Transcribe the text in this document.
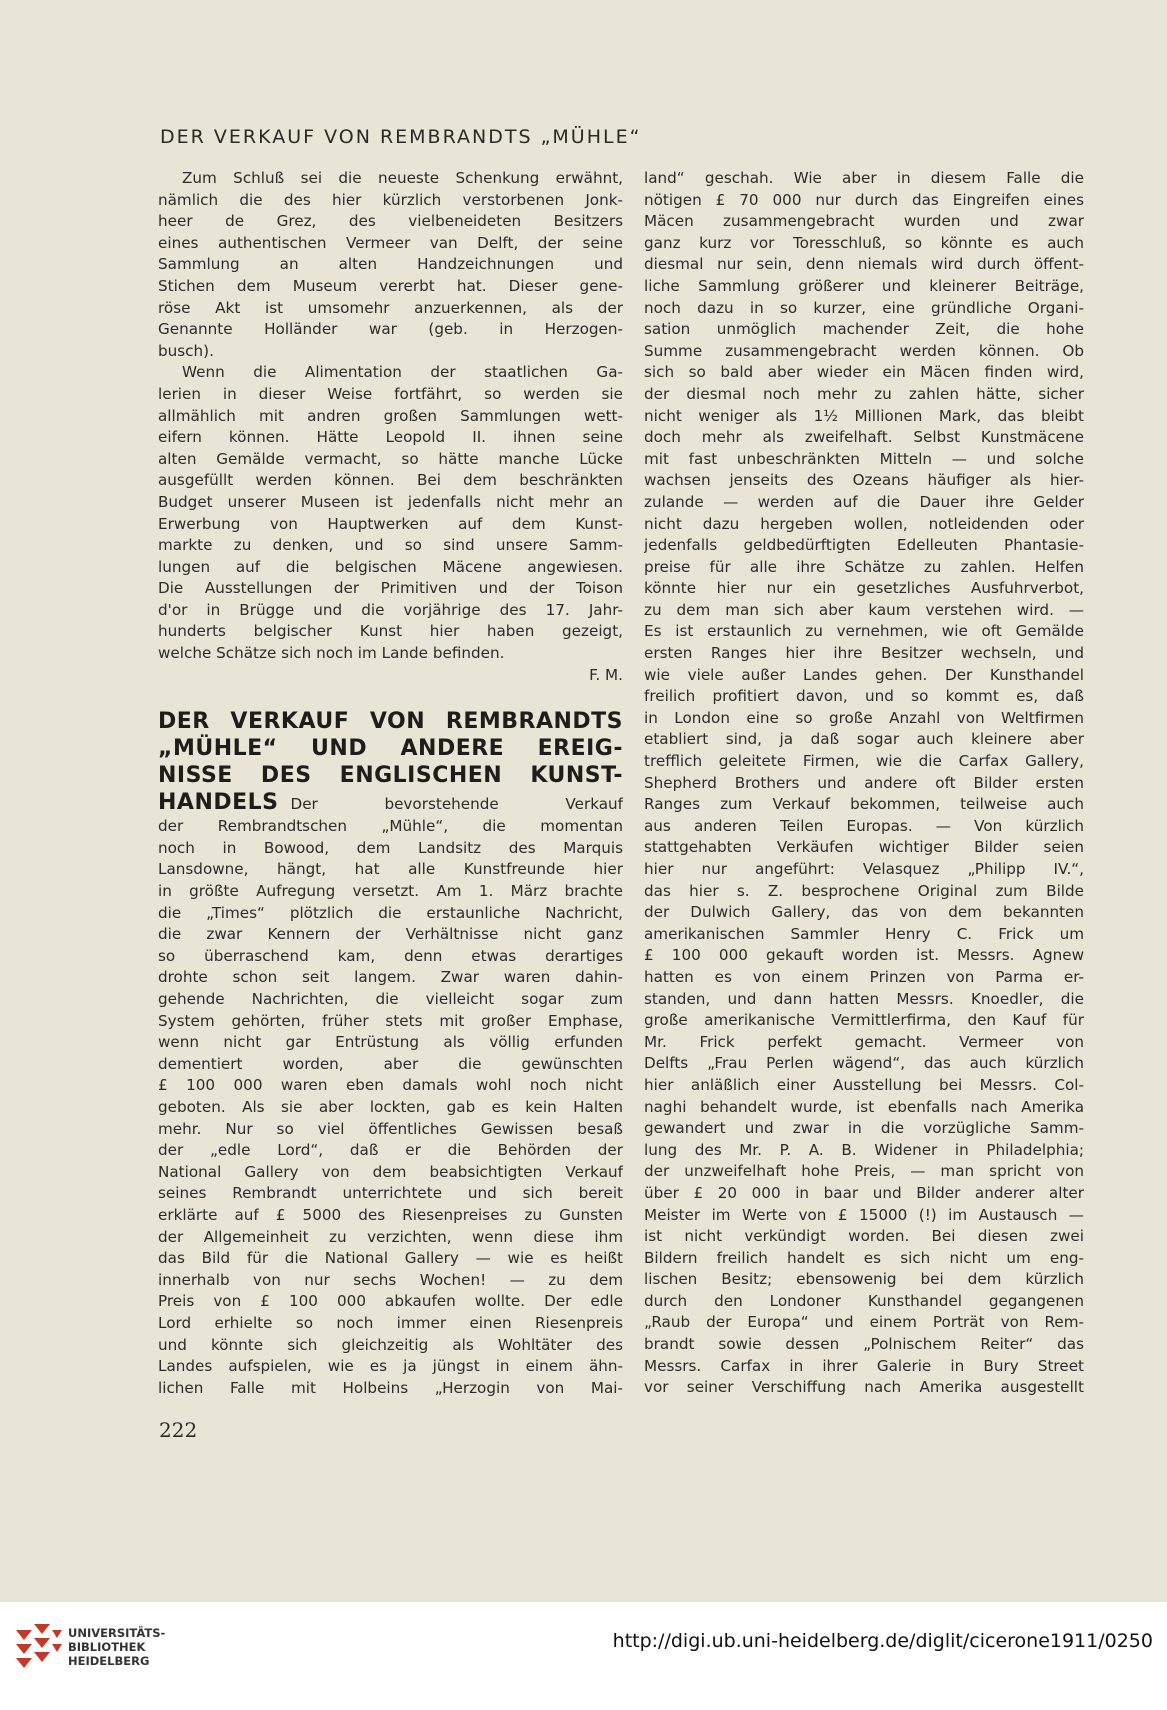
DER VERKAUF VON REMBRANDTS „MÜHLE“
Zum Schluß sei die neueste Schenkung erwähnt,
nämlich die des hier kürzlich verstorbenen Jonk-
heer de Grez, des vielbeneideten Besitzers
eines authentischen Vermeer van Delft, der seine
Sammlung an alten Handzeichnungen und
Stichen dem Museum vererbt hat. Dieser gene-
röse Akt ist umsomehr anzuerkennen, als der
Genannte Holländer war (geb. in Herzogen-
busch).
Wenn die Alimentation der staatlichen Ga-
lerien in dieser Weise fortfährt, so werden sie
allmählich mit andren großen Sammlungen wett-
eifern können. Hätte Leopold II. ihnen seine
alten Gemälde vermacht, so hätte manche Lücke
ausgefüllt werden können. Bei dem beschränkten
Budget unserer Museen ist jedenfalls nicht mehr an
Erwerbung von Hauptwerken auf dem Kunst-
markte zu denken, und so sind unsere Samm-
lungen auf die belgischen Mäcene angewiesen.
Die Ausstellungen der Primitiven und der Toison
d'or in Brügge und die vorjährige des 17. Jahr-
hunderts belgischer Kunst hier haben gezeigt,
welche Schätze sich noch im Lande befinden.
F. M.
DER VERKAUF VON REMBRANDTS
„MÜHLE“ UND ANDERE EREIG-
NISSE DES ENGLISCHEN KUNST-
HANDELS Der bevorstehende Verkauf
der Rembrandtschen „Mühle“, die momentan
noch in Bowood, dem Landsitz des Marquis
Lansdowne, hängt, hat alle Kunstfreunde hier
in größte Aufregung versetzt. Am 1. März brachte
die „Times“ plötzlich die erstaunliche Nachricht,
die zwar Kennern der Verhältnisse nicht ganz
so überraschend kam, denn etwas derartiges
drohte schon seit langem. Zwar waren dahin-
gehende Nachrichten, die vielleicht sogar zum
System gehörten, früher stets mit großer Emphase,
wenn nicht gar Entrüstung als völlig erfunden
dementiert worden, aber die gewünschten
£ 100 000 waren eben damals wohl noch nicht
geboten. Als sie aber lockten, gab es kein Halten
mehr. Nur so viel öffentliches Gewissen besaß
der „edle Lord“, daß er die Behörden der
National Gallery von dem beabsichtigten Verkauf
seines Rembrandt unterrichtete und sich bereit
erklärte auf £ 5000 des Riesenpreises zu Gunsten
der Allgemeinheit zu verzichten, wenn diese ihm
das Bild für die National Gallery — wie es heißt
innerhalb von nur sechs Wochen! — zu dem
Preis von £ 100 000 abkaufen wollte. Der edle
Lord erhielte so noch immer einen Riesenpreis
und könnte sich gleichzeitig als Wohltäter des
Landes aufspielen, wie es ja jüngst in einem ähn-
lichen Falle mit Holbeins „Herzogin von Mai-
land“ geschah. Wie aber in diesem Falle die
nötigen £ 70 000 nur durch das Eingreifen eines
Mäcen zusammengebracht wurden und zwar
ganz kurz vor Toresschluß, so könnte es auch
diesmal nur sein, denn niemals wird durch öffent-
liche Sammlung größerer und kleinerer Beiträge,
noch dazu in so kurzer, eine gründliche Organi-
sation unmöglich machender Zeit, die hohe
Summe zusammengebracht werden können. Ob
sich so bald aber wieder ein Mäcen finden wird,
der diesmal noch mehr zu zahlen hätte, sicher
nicht weniger als 1½ Millionen Mark, das bleibt
doch mehr als zweifelhaft. Selbst Kunstmäcene
mit fast unbeschränkten Mitteln — und solche
wachsen jenseits des Ozeans häufiger als hier-
zulande — werden auf die Dauer ihre Gelder
nicht dazu hergeben wollen, notleidenden oder
jedenfalls geldbedürftigten Edelleuten Phantasie-
preise für alle ihre Schätze zu zahlen. Helfen
könnte hier nur ein gesetzliches Ausfuhrverbot,
zu dem man sich aber kaum verstehen wird. —
Es ist erstaunlich zu vernehmen, wie oft Gemälde
ersten Ranges hier ihre Besitzer wechseln, und
wie viele außer Landes gehen. Der Kunsthandel
freilich profitiert davon, und so kommt es, daß
in London eine so große Anzahl von Weltfirmen
etabliert sind, ja daß sogar auch kleinere aber
trefflich geleitete Firmen, wie die Carfax Gallery,
Shepherd Brothers und andere oft Bilder ersten
Ranges zum Verkauf bekommen, teilweise auch
aus anderen Teilen Europas. — Von kürzlich
stattgehabten Verkäufen wichtiger Bilder seien
hier nur angeführt: Velasquez „Philipp IV.“,
das hier s. Z. besprochene Original zum Bilde
der Dulwich Gallery, das von dem bekannten
amerikanischen Sammler Henry C. Frick um
£ 100 000 gekauft worden ist. Messrs. Agnew
hatten es von einem Prinzen von Parma er-
standen, und dann hatten Messrs. Knoedler, die
große amerikanische Vermittlerfirma, den Kauf für
Mr. Frick perfekt gemacht. Vermeer von
Delfts „Frau Perlen wägend“, das auch kürzlich
hier anläßlich einer Ausstellung bei Messrs. Col-
naghi behandelt wurde, ist ebenfalls nach Amerika
gewandert und zwar in die vorzügliche Samm-
lung des Mr. P. A. B. Widener in Philadelphia;
der unzweifelhaft hohe Preis, — man spricht von
über £ 20 000 in baar und Bilder anderer alter
Meister im Werte von £ 15000 (!) im Austausch —
ist nicht verkündigt worden. Bei diesen zwei
Bildern freilich handelt es sich nicht um eng-
lischen Besitz; ebensowenig bei dem kürzlich
durch den Londoner Kunsthandel gegangenen
„Raub der Europa“ und einem Porträt von Rem-
brandt sowie dessen „Polnischem Reiter“ das
Messrs. Carfax in ihrer Galerie in Bury Street
vor seiner Verschiffung nach Amerika ausgestellt
222
UNIVERSITÄTS-
BIBLIOTHEK
HEIDELBERG
http://digi.ub.uni-heidelberg.de/diglit/cicerone1911/0250
